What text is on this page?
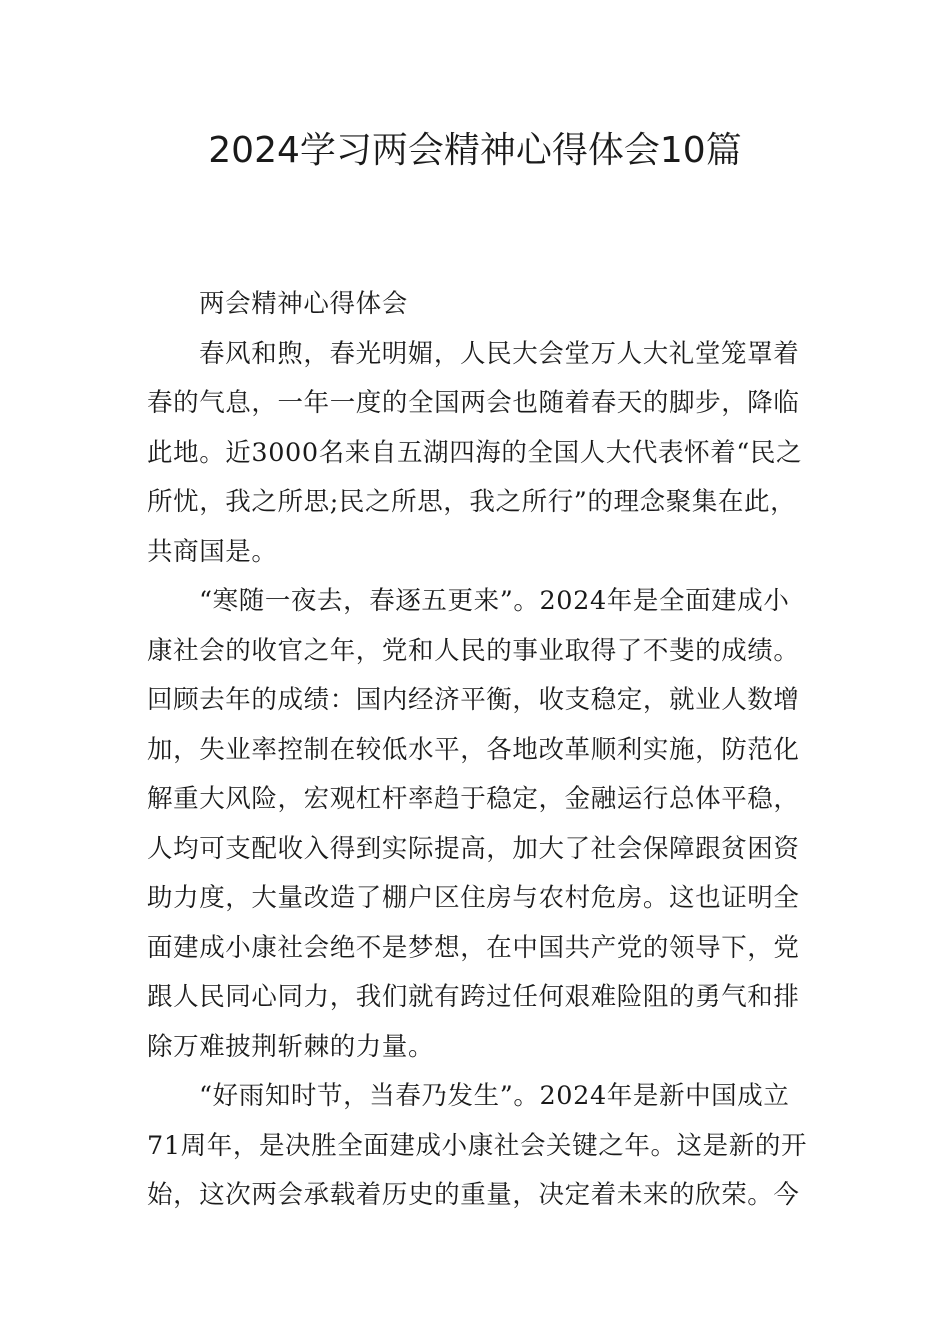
2024学习两会精神心得体会10篇
两会精神心得体会
春风和煦，春光明媚，人民大会堂万人大礼堂笼罩着
春的气息，一年一度的全国两会也随着春天的脚步，降临
此地。近3000名来自五湖四海的全国人大代表怀着“民之
所忧，我之所思;民之所思，我之所行”的理念聚集在此，
共商国是。
“寒随一夜去，春逐五更来”。2024年是全面建成小
康社会的收官之年，党和人民的事业取得了不斐的成绩。
回顾去年的成绩：国内经济平衡，收支稳定，就业人数增
加，失业率控制在较低水平，各地改革顺利实施，防范化
解重大风险，宏观杠杆率趋于稳定，金融运行总体平稳，
人均可支配收入得到实际提高，加大了社会保障跟贫困资
助力度，大量改造了棚户区住房与农村危房。这也证明全
面建成小康社会绝不是梦想，在中国共产党的领导下，党
跟人民同心同力，我们就有跨过任何艰难险阻的勇气和排
除万难披荆斩棘的力量。
“好雨知时节，当春乃发生”。2024年是新中国成立
71周年，是决胜全面建成小康社会关键之年。这是新的开
始，这次两会承载着历史的重量，决定着未来的欣荣。今
